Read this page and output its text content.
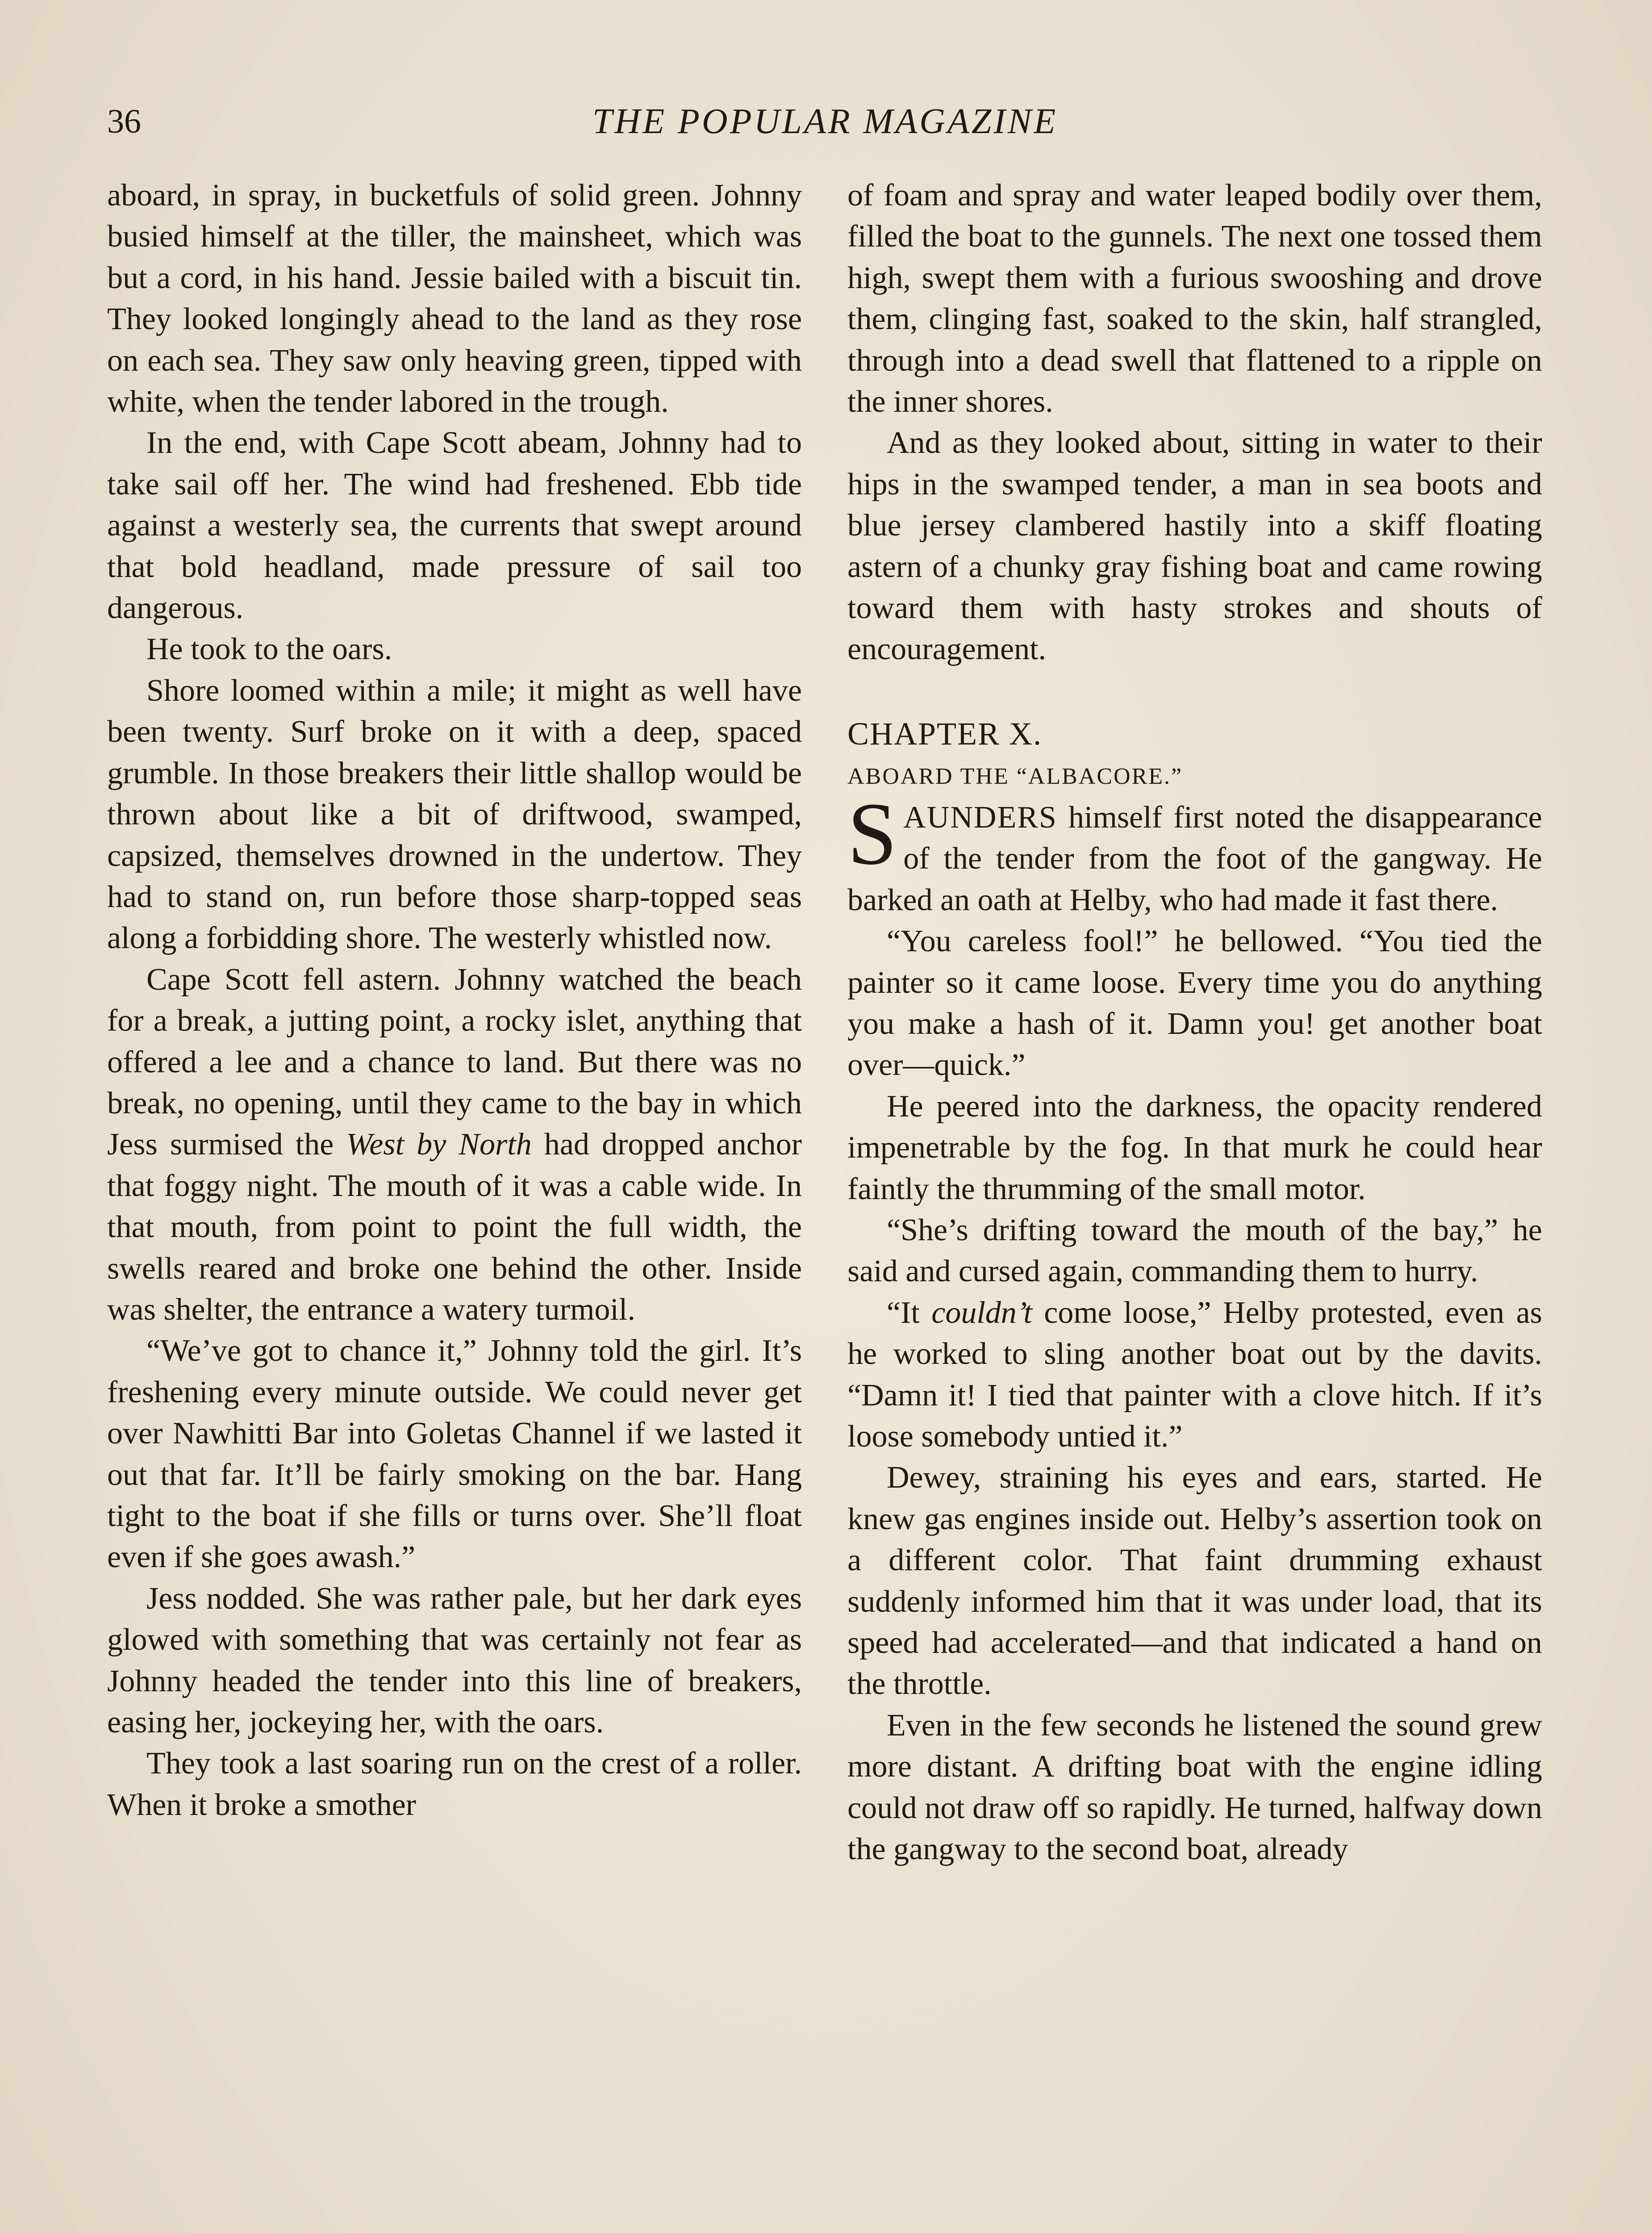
36	THE POPULAR MAGAZINE

aboard, in spray, in bucketfuls of solid green. Johnny busied himself at the tiller, the mainsheet, which was but a cord, in his hand. Jessie bailed with a biscuit tin. They looked longingly ahead to the land as they rose on each sea. They saw only heaving green, tipped with white, when the tender labored in the trough.

In the end, with Cape Scott abeam, Johnny had to take sail off her. The wind had freshened. Ebb tide against a westerly sea, the currents that swept around that bold headland, made pressure of sail too dangerous.

He took to the oars.

Shore loomed within a mile; it might as well have been twenty. Surf broke on it with a deep, spaced grumble. In those breakers their little shallop would be thrown about like a bit of driftwood, swamped, capsized, themselves drowned in the undertow. They had to stand on, run before those sharp-topped seas along a forbidding shore. The westerly whistled now.

Cape Scott fell astern. Johnny watched the beach for a break, a jutting point, a rocky islet, anything that offered a lee and a chance to land. But there was no break, no opening, until they came to the bay in which Jess surmised the West by North had dropped anchor that foggy night. The mouth of it was a cable wide. In that mouth, from point to point the full width, the swells reared and broke one behind the other. Inside was shelter, the entrance a watery turmoil.

“We’ve got to chance it,” Johnny told the girl. It’s freshening every minute outside. We could never get over Nawhitti Bar into Goletas Channel if we lasted it out that far. It’ll be fairly smoking on the bar. Hang tight to the boat if she fills or turns over. She’ll float even if she goes awash.”

Jess nodded. She was rather pale, but her dark eyes glowed with something that was certainly not fear as Johnny headed the tender into this line of breakers, easing her, jockeying her, with the oars.

They took a last soaring run on the crest of a roller. When it broke a smother

of foam and spray and water leaped bodily over them, filled the boat to the gunnels. The next one tossed them high, swept them with a furious swooshing and drove them, clinging fast, soaked to the skin, half strangled, through into a dead swell that flattened to a ripple on the inner shores.

And as they looked about, sitting in water to their hips in the swamped tender, a man in sea boots and blue jersey clambered hastily into a skiff floating astern of a chunky gray fishing boat and came rowing toward them with hasty strokes and shouts of encouragement.

CHAPTER X.

ABOARD THE “ALBACORE.”

SAUNDERS himself first noted the disappearance of the tender from the foot of the gangway. He barked an oath at Helby, who had made it fast there.

“You careless fool!” he bellowed. “You tied the painter so it came loose. Every time you do anything you make a hash of it. Damn you! get another boat over—quick.”

He peered into the darkness, the opacity rendered impenetrable by the fog. In that murk he could hear faintly the thrumming of the small motor.

“She’s drifting toward the mouth of the bay,” he said and cursed again, commanding them to hurry.

“It couldn’t come loose,” Helby protested, even as he worked to sling another boat out by the davits. “Damn it! I tied that painter with a clove hitch. If it’s loose somebody untied it.”

Dewey, straining his eyes and ears, started. He knew gas engines inside out. Helby’s assertion took on a different color. That faint drumming exhaust suddenly informed him that it was under load, that its speed had accelerated—and that indicated a hand on the throttle.

Even in the few seconds he listened the sound grew more distant. A drifting boat with the engine idling could not draw off so rapidly. He turned, halfway down the gangway to the second boat, already
